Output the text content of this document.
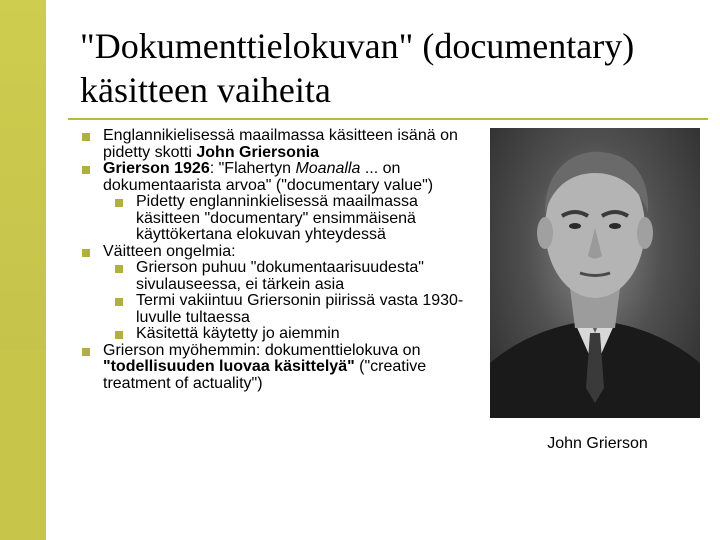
"Dokumenttielokuvan" (documentary)
käsitteen vaiheita
Englannikielisessä maailmassa käsitteen isänä on pidetty skotti John Griersonia
Grierson 1926: "Flahertyn Moanalla ... on dokumentaarista arvoa" ("documentary value")
Pidetty englanninkielisessä maailmassa käsitteen "documentary" ensimmäisenä käyttökertana elokuvan yhteydessä
Väitteen ongelmia:
Grierson puhuu "dokumentaarisuudesta" sivulauseessa, ei tärkein asia
Termi vakiintuu Griersonin piirissä vasta 1930-luvulle tultaessa
Käsitettä käytetty jo aiemmin
Grierson myöhemmin: dokumenttielokuva on "todellisuuden luovaa käsittelyä" ("creative treatment of actuality")
John Grierson
